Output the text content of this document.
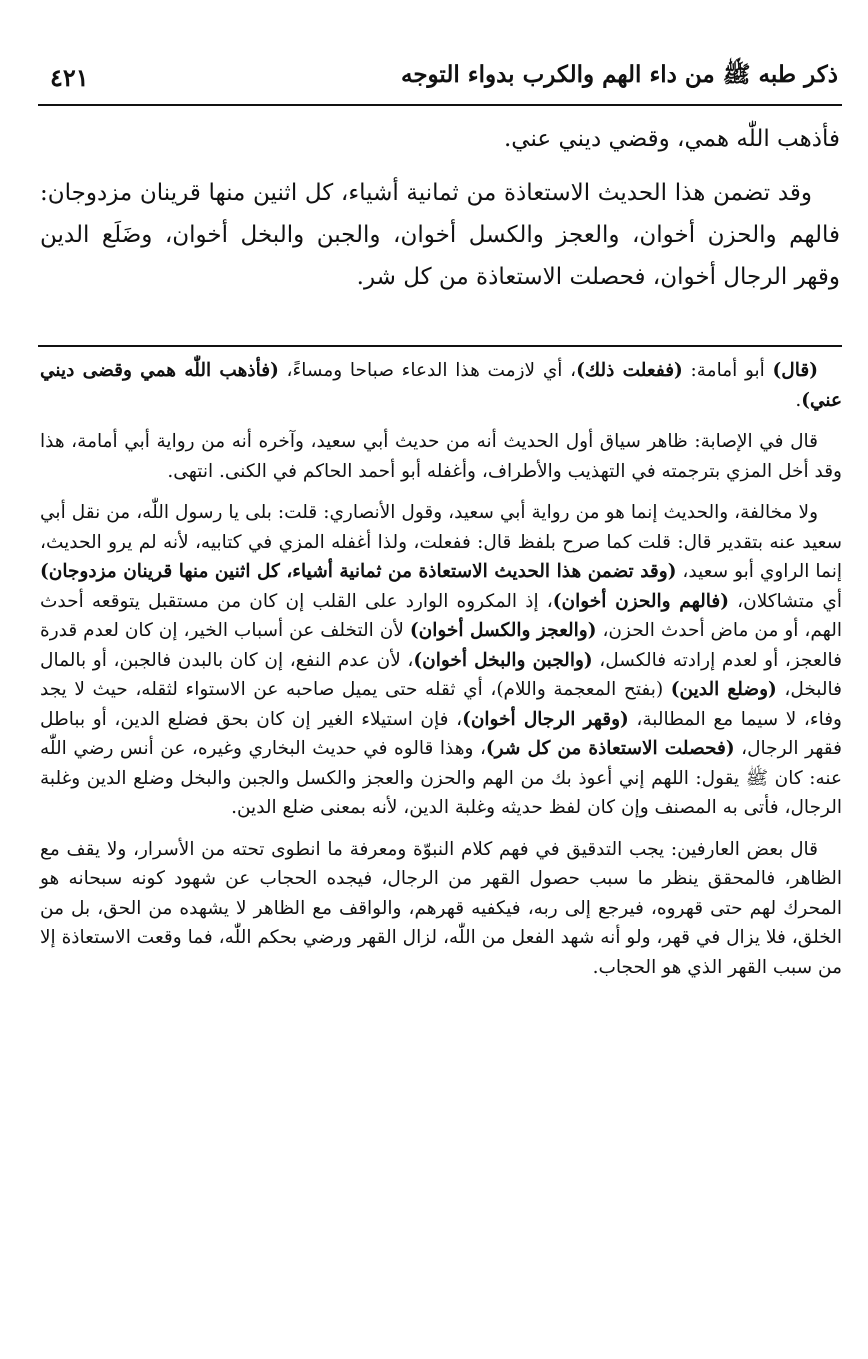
ذكر طبه ﷺ من داء الهم والكرب بدواء التوجه
٤٢١

فأذهب اللّٰه همي، وقضي ديني عني.

وقد تضمن هذا الحديث الاستعاذة من ثمانية أشياء، كل اثنين منها قرينان مزدوجان: فالهم والحزن أخوان، والعجز والكسل أخوان، والجبن والبخل أخوان، وضَلَع الدين وقهر الرجال أخوان، فحصلت الاستعاذة من كل شر.

(قال) أبو أمامة: (ففعلت ذلك)، أي لازمت هذا الدعاء صباحا ومساءً، (فأذهب اللّٰه همي وقضى ديني عني).

قال في الإصابة: ظاهر سياق أول الحديث أنه من حديث أبي سعيد، وآخره أنه من رواية أبي أمامة، هذا وقد أخل المزي بترجمته في التهذيب والأطراف، وأغفله أبو أحمد الحاكم في الكنى. انتهى.

ولا مخالفة، والحديث إنما هو من رواية أبي سعيد، وقول الأنصاري: قلت: بلى يا رسول اللّٰه، من نقل أبي سعيد عنه بتقدير قال: قلت كما صرح بلفظ قال: ففعلت، ولذا أغفله المزي في كتابيه، لأنه لم يرو الحديث، إنما الراوي أبو سعيد، (وقد تضمن هذا الحديث الاستعاذة من ثمانية أشياء، كل اثنين منها قرينان مزدوجان) أي متشاكلان، (فالهم والحزن أخوان)، إذ المكروه الوارد على القلب إن كان من مستقبل يتوقعه أحدث الهم، أو من ماض أحدث الحزن، (والعجز والكسل أخوان) لأن التخلف عن أسباب الخير، إن كان لعدم قدرة فالعجز، أو لعدم إرادته فالكسل، (والجبن والبخل أخوان)، لأن عدم النفع، إن كان بالبدن فالجبن، أو بالمال فالبخل، (وضلع الدين) (بفتح المعجمة واللام)، أي ثقله حتى يميل صاحبه عن الاستواء لثقله، حيث لا يجد وفاء، لا سيما مع المطالبة، (وقهر الرجال أخوان)، فإن استيلاء الغير إن كان بحق فضلع الدين، أو بباطل فقهر الرجال، (فحصلت الاستعاذة من كل شر)، وهذا قالوه في حديث البخاري وغيره، عن أنس رضي اللّٰه عنه: كان ﷺ يقول: اللهم إني أعوذ بك من الهم والحزن والعجز والكسل والجبن والبخل وضلع الدين وغلبة الرجال، فأتى به المصنف وإن كان لفظ حديثه وغلبة الدين، لأنه بمعنى ضلع الدين.

قال بعض العارفين: يجب التدقيق في فهم كلام النبوّة ومعرفة ما انطوى تحته من الأسرار، ولا يقف مع الظاهر، فالمحقق ينظر ما سبب حصول القهر من الرجال، فيجده الحجاب عن شهود كونه سبحانه هو المحرك لهم حتى قهروه، فيرجع إلى ربه، فيكفيه قهرهم، والواقف مع الظاهر لا يشهده من الحق، بل من الخلق، فلا يزال في قهر، ولو أنه شهد الفعل من اللّٰه، لزال القهر ورضي بحكم اللّٰه، فما وقعت الاستعاذة إلا من سبب القهر الذي هو الحجاب.
